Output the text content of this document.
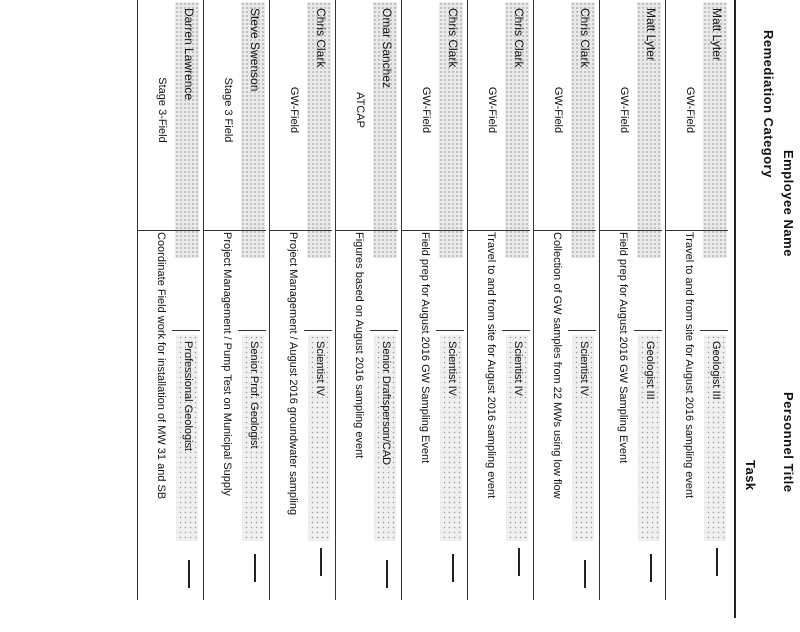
Employee Name
Remediation Category
Personnel Title
Task
Matt Lyter
GW-Field
Geologist III
Travel to and from site for August 2016 sampling event
Matt Lyter
GW-Field
Geologist III
Field prep for August 2016 GW Sampling Event
Chris Clark
GW-Field
Scientist IV
Collection of GW samples from 22 MWs using low flow
Chris Clark
GW-Field
Scientist IV
Travel to and from site for August 2016 sampling event
Chris Clark
GW-Field
Scientist IV
Field prep for August 2016 GW Sampling Event
Omar Sanchez
ATCAP
Senior Draftsperson/CAD
Figures based on August 2016 sampling event
Chris Clark
GW-Field
Scientist IV
Project Management / August 2016 groundwater sampling
Steve Swenson
Stage 3 Field
Senior Prof. Geologist
Project Management / Pump Test on Municipal Supply
Darren Lawrence
Stage 3-Field
Professional Geologist
Coordinate Field work for installation of MW 31 and SB
